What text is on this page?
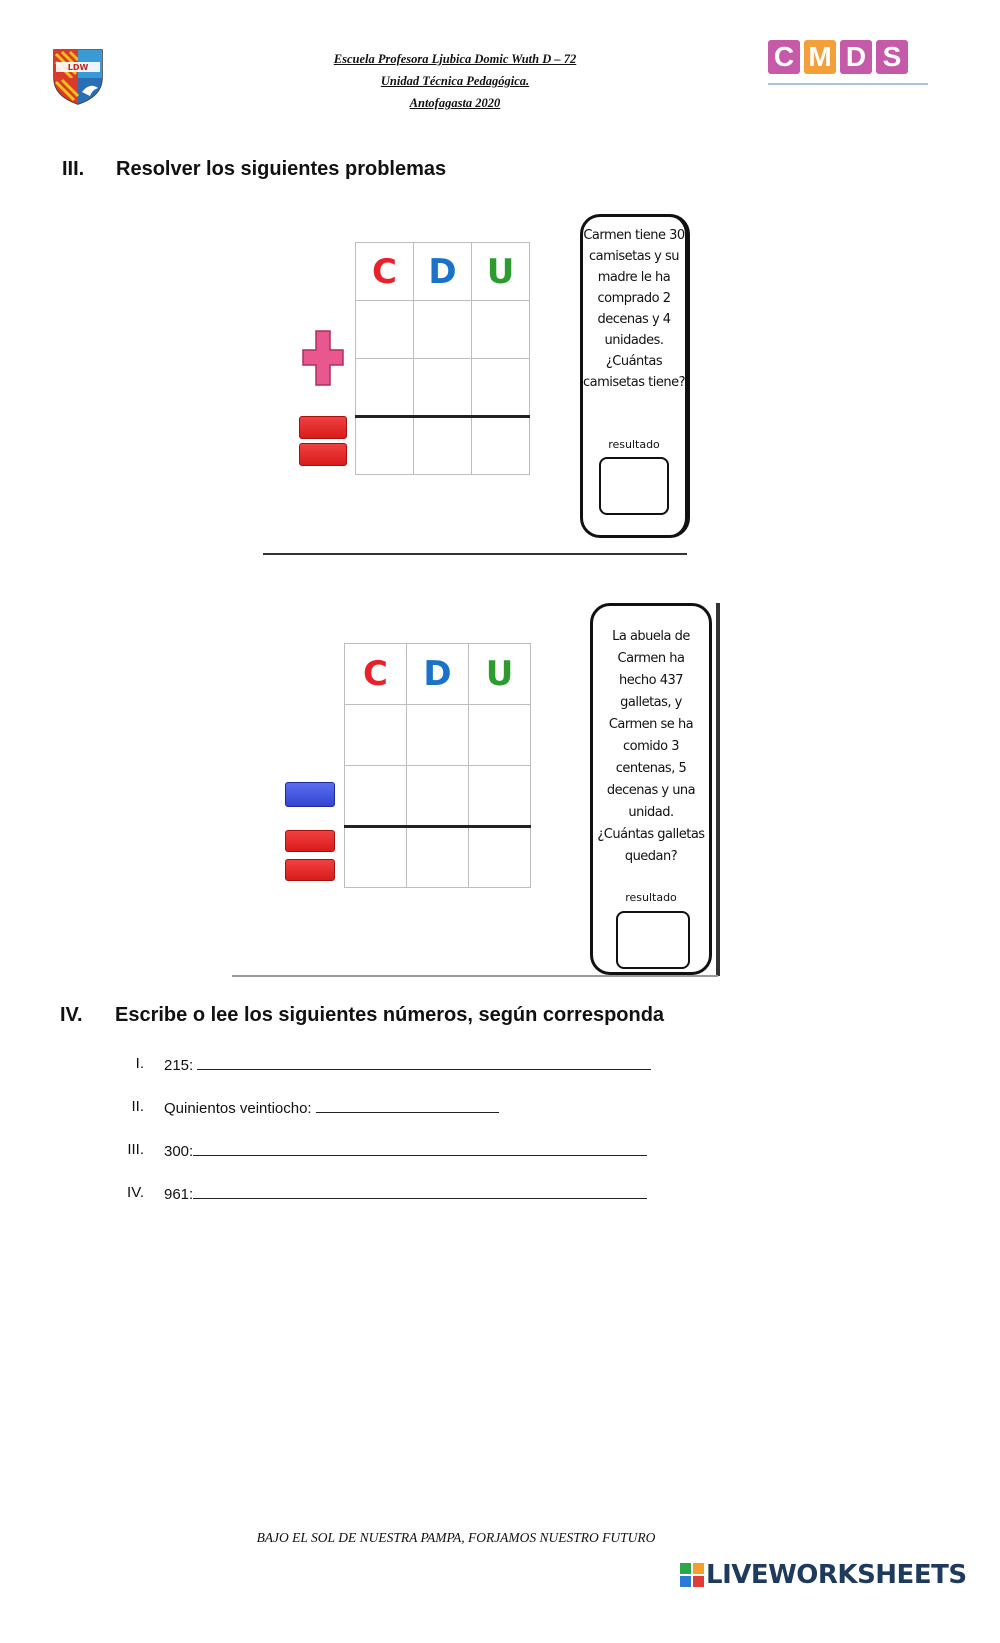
LDW
Escuela Profesora Ljubica Domic Wuth D – 72
Unidad Técnica Pedagógica.
Antofagasta 2020
C M D S
III. Resolver los siguientes problemas
C	D	U

Carmen tiene 30
camisetas y su
madre le ha
comprado 2
decenas y 4
unidades.
¿Cuántas
camisetas tiene?
resultado
C	D	U

La abuela de
Carmen ha
hecho 437
galletas, y
Carmen se ha
comido 3
centenas, 5
decenas y una
unidad.
¿Cuántas galletas
quedan?
resultado
IV. Escribe o lee los siguientes números, según corresponda
I. 215:
II. Quinientos veintiocho:
III. 300:
IV. 961:
BAJO EL SOL DE NUESTRA PAMPA, FORJAMOS NUESTRO FUTURO
LIVEWORKSHEETS
